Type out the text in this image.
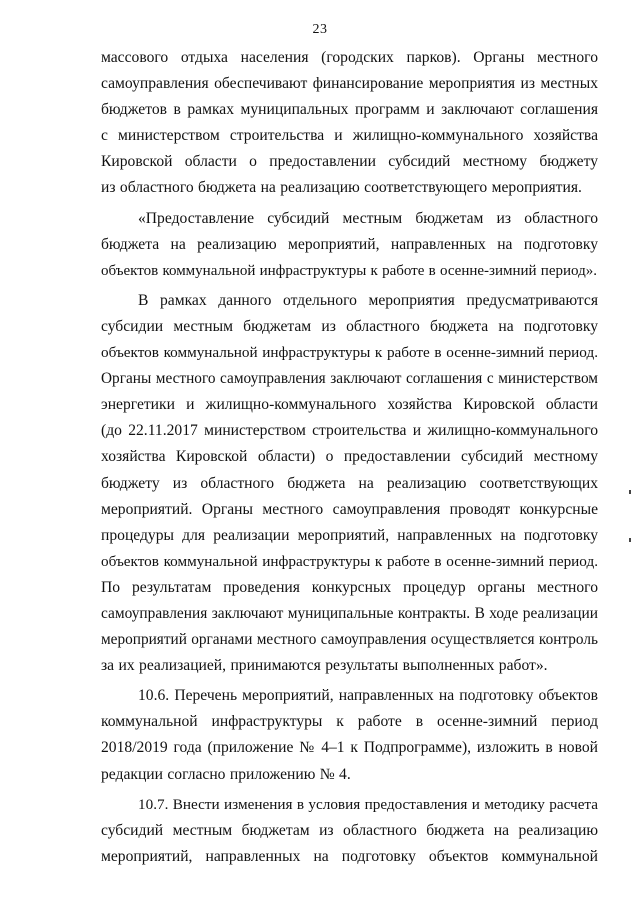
23
массового отдыха населения (городских парков). Органы местного
самоуправления обеспечивают финансирование мероприятия из местных
бюджетов в рамках муниципальных программ и заключают соглашения
с министерством строительства и жилищно-коммунального хозяйства
Кировской области о предоставлении субсидий местному бюджету
из областного бюджета на реализацию соответствующего мероприятия.
«Предоставление субсидий местным бюджетам из областного
бюджета на реализацию мероприятий, направленных на подготовку
объектов коммунальной инфраструктуры к работе в осенне-зимний период».
В рамках данного отдельного мероприятия предусматриваются
субсидии местным бюджетам из областного бюджета на подготовку
объектов коммунальной инфраструктуры к работе в осенне-зимний период.
Органы местного самоуправления заключают соглашения с министерством
энергетики и жилищно-коммунального хозяйства Кировской области
(до 22.11.2017 министерством строительства и жилищно-коммунального
хозяйства Кировской области) о предоставлении субсидий местному
бюджету из областного бюджета на реализацию соответствующих
мероприятий. Органы местного самоуправления проводят конкурсные
процедуры для реализации мероприятий, направленных на подготовку
объектов коммунальной инфраструктуры к работе в осенне-зимний период.
По результатам проведения конкурсных процедур органы местного
самоуправления заключают муниципальные контракты. В ходе реализации
мероприятий органами местного самоуправления осуществляется контроль
за их реализацией, принимаются результаты выполненных работ».
10.6. Перечень мероприятий, направленных на подготовку объектов
коммунальной инфраструктуры к работе в осенне-зимний период
2018/2019 года (приложение № 4–1 к Подпрограмме), изложить в новой
редакции согласно приложению № 4.
10.7. Внести изменения в условия предоставления и методику расчета
субсидий местным бюджетам из областного бюджета на реализацию
мероприятий, направленных на подготовку объектов коммунальной
